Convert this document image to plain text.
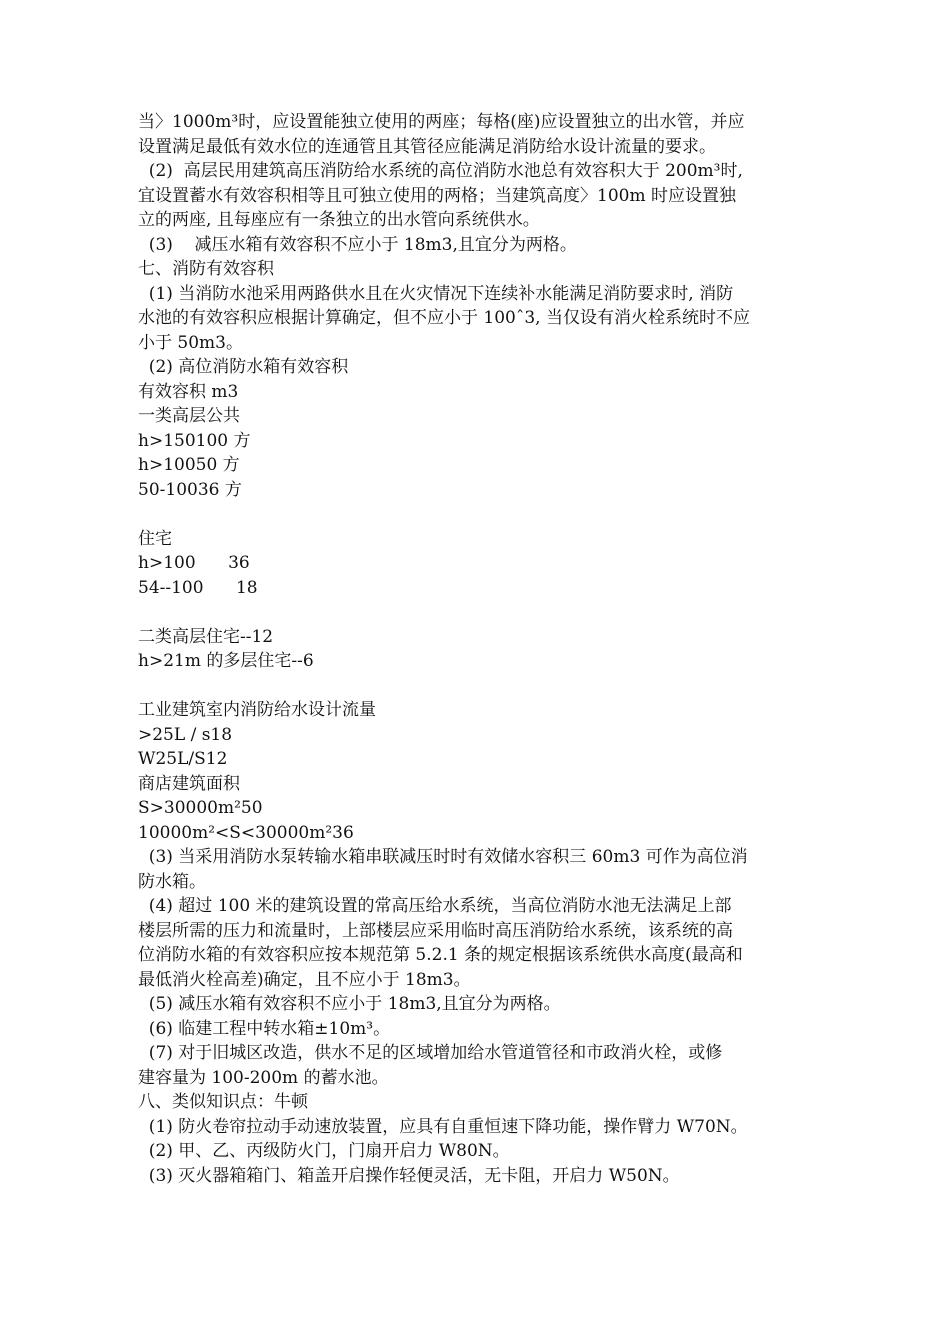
当〉1000m³时，应设置能独立使用的两座；每格(座)应设置独立的出水管，并应
设置满足最低有效水位的连通管且其管径应能满足消防给水设计流量的要求。
(2)  高层民用建筑高压消防给水系统的高位消防水池总有效容积大于 200m³时,
宜设置蓄水有效容积相等且可独立使用的两格；当建筑高度〉100m 时应设置独
立的两座, 且每座应有一条独立的出水管向系统供水。
(3)    减压水箱有效容积不应小于 18m3,且宜分为两格。
七、消防有效容积
(1) 当消防水池采用两路供水且在火灾情况下连续补水能满足消防要求时, 消防
水池的有效容积应根据计算确定，但不应小于 100ˆ3, 当仅设有消火栓系统时不应
小于 50m3。
(2) 高位消防水箱有效容积
有效容积 m3
一类高层公共
h>150100 方
h>10050 方
50-10036 方
住宅
h>100      36
54--100      18
二类高层住宅--12
h>21m 的多层住宅--6
工业建筑室内消防给水设计流量
>25L / s18
W25L/S12
商店建筑面积
S>30000m²50
10000m²<S<30000m²36
(3) 当采用消防水泵转输水箱串联减压时时有效储水容积三 60m3 可作为高位消
防水箱。
(4) 超过 100 米的建筑设置的常高压给水系统，当高位消防水池无法满足上部
楼层所需的压力和流量时，上部楼层应采用临时高压消防给水系统，该系统的高
位消防水箱的有效容积应按本规范第 5.2.1 条的规定根据该系统供水高度(最高和
最低消火栓高差)确定，且不应小于 18m3。
(5) 减压水箱有效容积不应小于 18m3,且宜分为两格。
(6) 临建工程中转水箱±10m³。
(7) 对于旧城区改造，供水不足的区域增加给水管道管径和市政消火栓，或修
建容量为 100-200m 的蓄水池。
八、类似知识点：牛顿
(1) 防火卷帘拉动手动速放装置，应具有自重恒速下降功能，操作臂力 W70N。
(2) 甲、乙、丙级防火门，门扇开启力 W80N。
(3) 灭火器箱箱门、箱盖开启操作轻便灵活，无卡阻，开启力 W50N。
